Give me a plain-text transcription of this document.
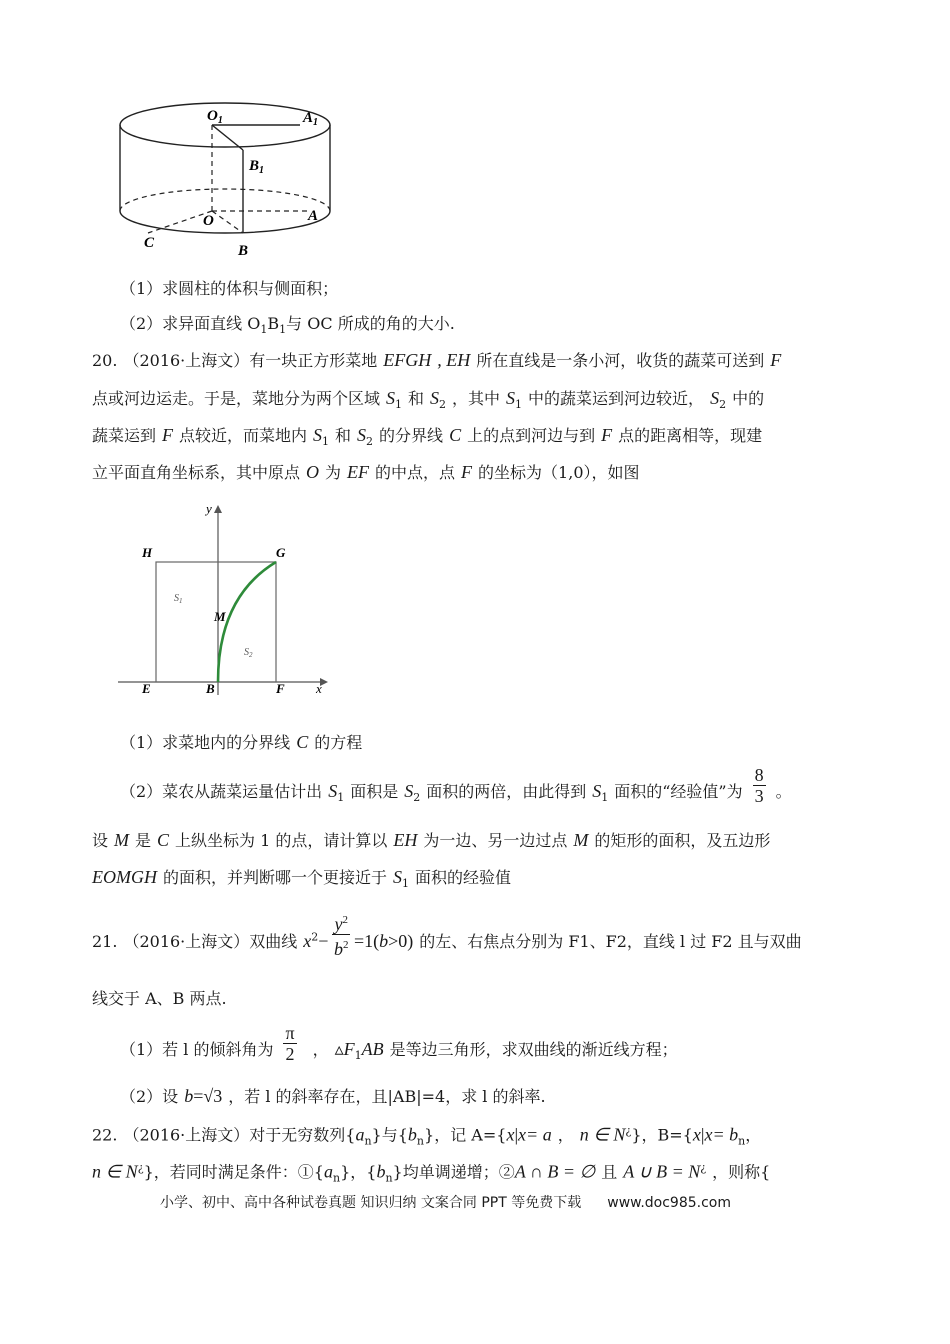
$O_1$	$A_1$
$B_1$
O	A
B
C
（1）求圆柱的体积与侧面积；
（2）求异面直线 $O_1B_1$与 OC 所成的角的大小.
20. （2016·上海文）有一块正方形菜地 EFGH , EH 所在直线是一条小河，收货的蔬菜可送到 F
点或河边运走。于是，菜地分为两个区域 $S_1$ 和 $S_2$ ，其中 $S_1$ 中的蔬菜运到河边较近， $S_2$ 中的
蔬菜运到 F 点较近，而菜地内 $S_1$ 和 $S_2$ 的分界线 C 上的点到河边与到 F 点的距离相等，现建
立平面直角坐标系，其中原点 O 为 EF 的中点，点 F 的坐标为（1,0），如图
y
x
H	G
E	B	F
M
$S_1$
$S_2$
（1）求菜地内的分界线 C 的方程
（2）菜农从蔬菜运量估计出 $S_1$ 面积是 $S_2$ 面积的两倍，由此得到 $S_1$ 面积的“经验值”为 $\frac{8}{3}$ 。
设 M 是 C 上纵坐标为 1 的点，请计算以 EH 为一边、另一边过点 M 的矩形的面积，及五边形
EOMGH 的面积，并判断哪一个更接近于 $S_1$ 面积的经验值
21. （2016·上海文）双曲线 $x^2- \frac{y^2}{b^2} =1(b>0)$ 的左、右焦点分别为 F1、F2，直线 l 过 F2 且与双曲
线交于 A、B 两点.
（1）若 l 的倾斜角为 $\frac{\pi}{2}$ ， $▵F_1AB$ 是等边三角形，求双曲线的渐近线方程；
（2）设 b=√3 ，若 l 的斜率存在，且|AB|=4，求 l 的斜率.
22. （2016·上海文）对于无穷数列$\{a_n\}$与$\{b_n\}$，记 A={x|x= a ， n ∈ N¿}，$B=\{x|x= b_n$，
n ∈ N¿}，若同时满足条件：$①\{a_n\}$，$\{b_n\}$均单调递增；②A ∩ B = ∅ 且 A ∪ B = N¿ ，则称{
小学、初中、高中各种试卷真题 知识归纳 文案合同 PPT 等免费下载 www.doc985.com
